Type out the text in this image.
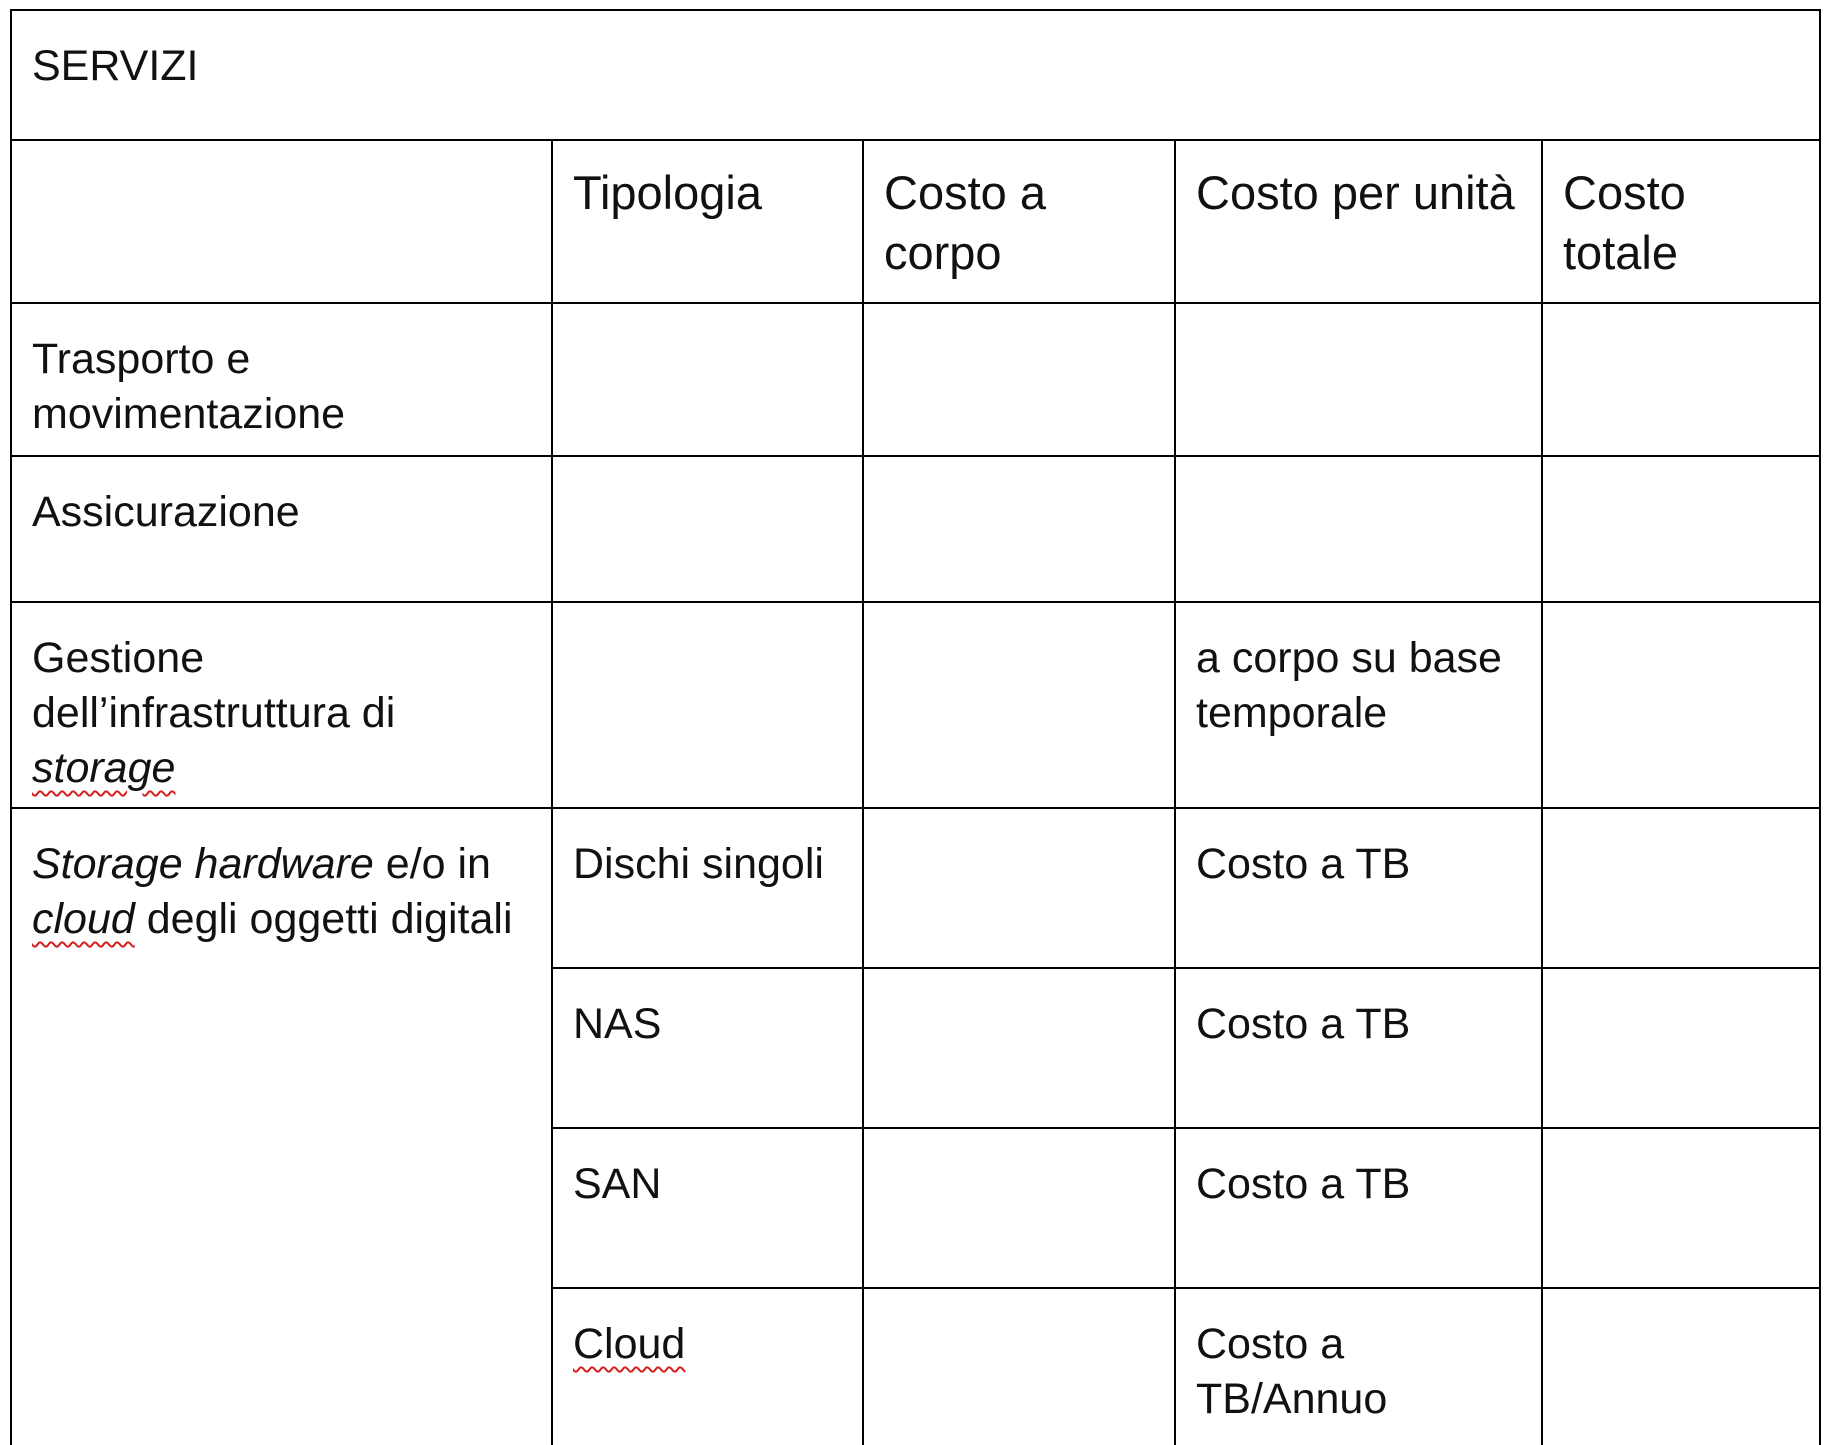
SERVIZI				
	Tipologia	Costo a corpo	Costo per unità	Costo totale
Trasporto e movimentazione				
Assicurazione				
Gestione dell’infrastruttura di storage			a corpo su base temporale	
Storage hardware e/o in cloud degli oggetti digitali	Dischi singoli		Costo a TB	
	NAS		Costo a TB	
	SAN		Costo a TB	
	Cloud		Costo a TB/Annuo	
